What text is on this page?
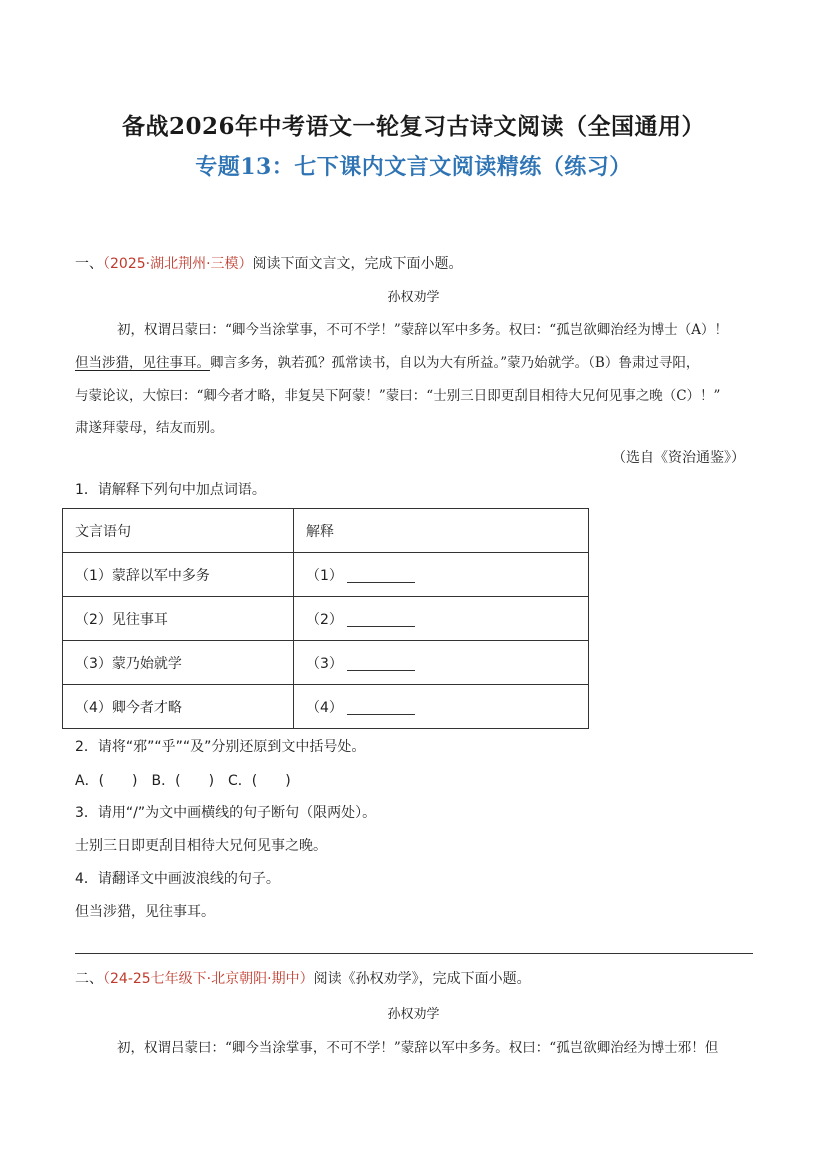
备战2026年中考语文一轮复习古诗文阅读（全国通用）
专题13：七下课内文言文阅读精练（练习）
一、（2025·湖北荆州·三模）阅读下面文言文，完成下面小题。
孙权劝学
初，权谓吕蒙曰：“卿今当涂掌事，不可不学！”蒙辞以军中多务。权曰：“孤岂欲卿治经为博士（A）！
但当涉猎，见往事耳。卿言多务，孰若孤？孤常读书，自以为大有所益。”蒙乃始就学。（B）鲁肃过寻阳，
与蒙论议，大惊曰：“卿今者才略，非复吴下阿蒙！”蒙曰：“士别三日即更刮目相待大兄何见事之晚（C）！”
肃遂拜蒙母，结友而别。
（选自《资治通鉴》）
1．请解释下列句中加点词语。
文言语句	解释
（1）蒙辞以军中多务	（1）
（2）见往事耳	（2）
（3）蒙乃始就学	（3）
（4）卿今者才略	（4）
2．请将“邪”“乎”“及”分别还原到文中括号处。
A．(　　)　B．(　　)　C．(　　)
3．请用“/”为文中画横线的句子断句（限两处）。
士别三日即更刮目相待大兄何见事之晚。
4．请翻译文中画波浪线的句子。
但当涉猎，见往事耳。
二、（24-25七年级下·北京朝阳·期中）阅读《孙权劝学》，完成下面小题。
孙权劝学
初，权谓吕蒙曰：“卿今当涂掌事，不可不学！”蒙辞以军中多务。权曰：“孤岂欲卿治经为博士邪！但
